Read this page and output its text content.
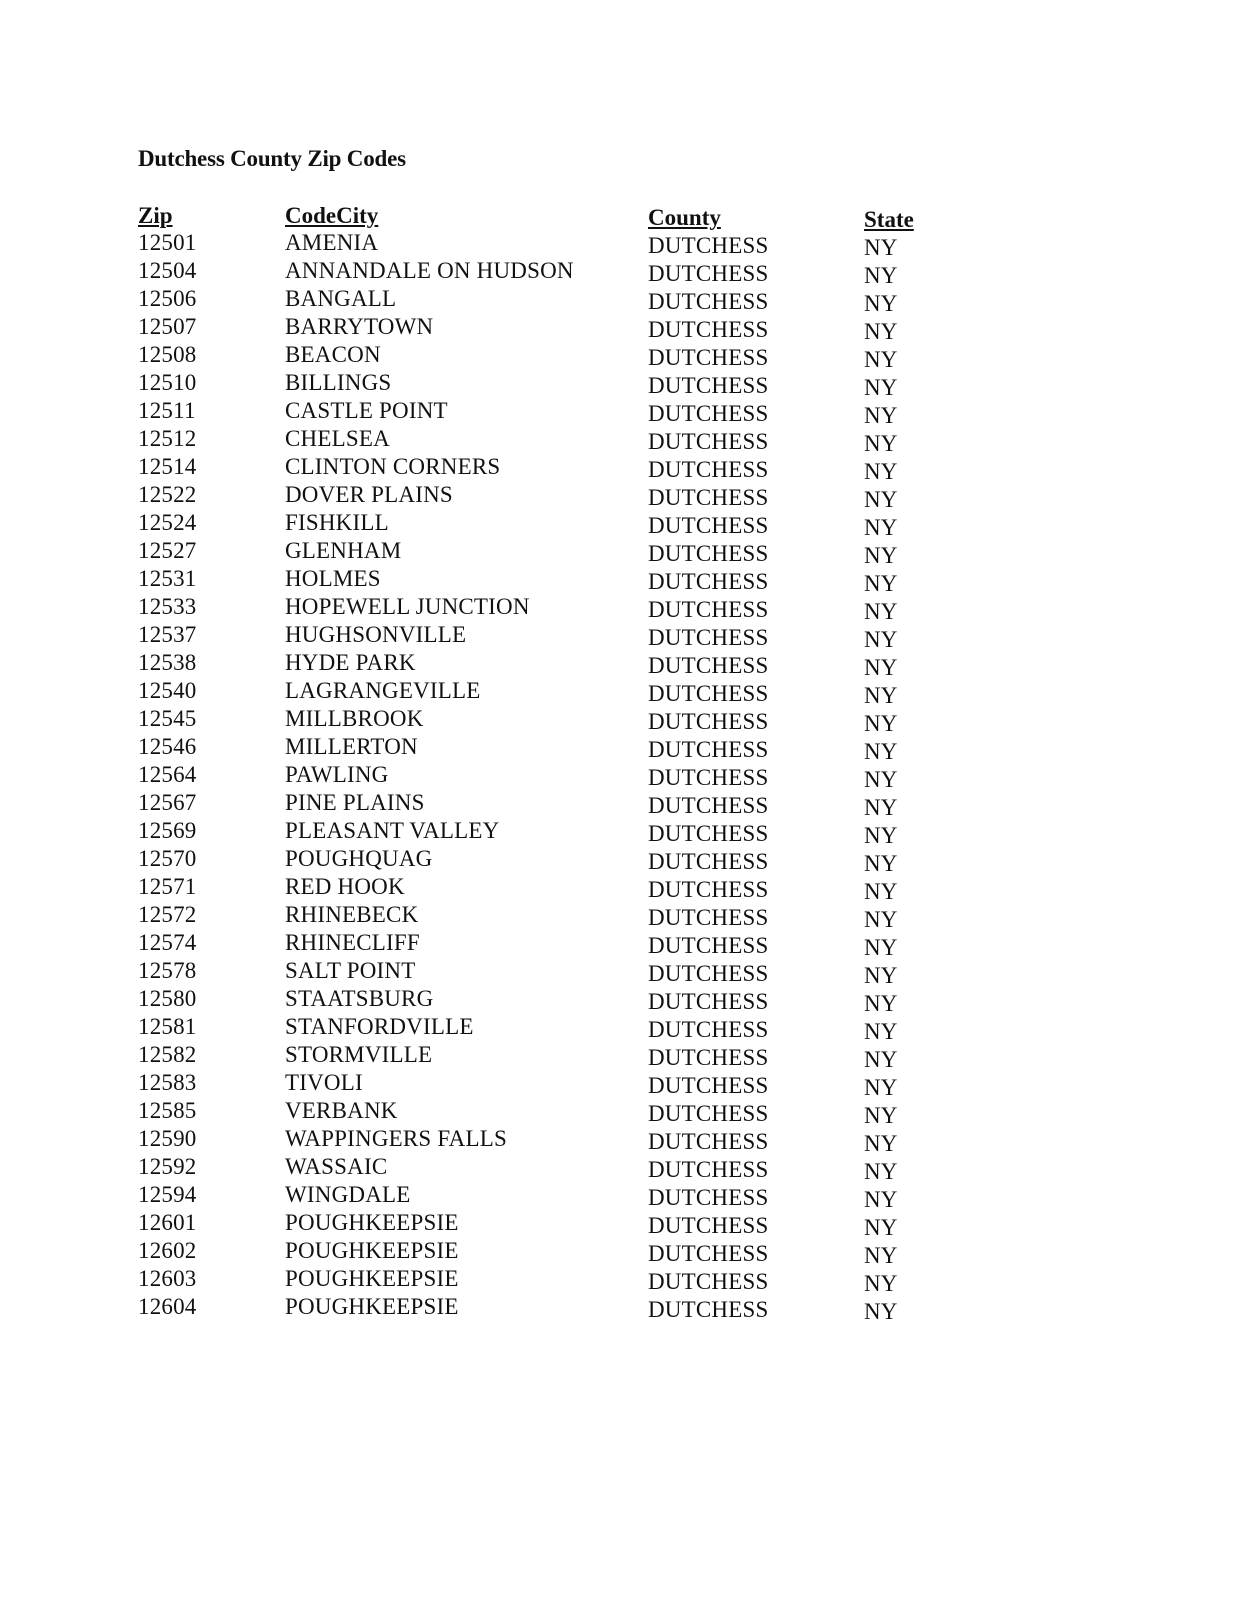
Dutchess County Zip Codes
Zip	CodeCity	County	State
12501	AMENIA	DUTCHESS	NY
12504	ANNANDALE ON HUDSON	DUTCHESS	NY
12506	BANGALL	DUTCHESS	NY
12507	BARRYTOWN	DUTCHESS	NY
12508	BEACON	DUTCHESS	NY
12510	BILLINGS	DUTCHESS	NY
12511	CASTLE POINT	DUTCHESS	NY
12512	CHELSEA	DUTCHESS	NY
12514	CLINTON CORNERS	DUTCHESS	NY
12522	DOVER PLAINS	DUTCHESS	NY
12524	FISHKILL	DUTCHESS	NY
12527	GLENHAM	DUTCHESS	NY
12531	HOLMES	DUTCHESS	NY
12533	HOPEWELL JUNCTION	DUTCHESS	NY
12537	HUGHSONVILLE	DUTCHESS	NY
12538	HYDE PARK	DUTCHESS	NY
12540	LAGRANGEVILLE	DUTCHESS	NY
12545	MILLBROOK	DUTCHESS	NY
12546	MILLERTON	DUTCHESS	NY
12564	PAWLING	DUTCHESS	NY
12567	PINE PLAINS	DUTCHESS	NY
12569	PLEASANT VALLEY	DUTCHESS	NY
12570	POUGHQUAG	DUTCHESS	NY
12571	RED HOOK	DUTCHESS	NY
12572	RHINEBECK	DUTCHESS	NY
12574	RHINECLIFF	DUTCHESS	NY
12578	SALT POINT	DUTCHESS	NY
12580	STAATSBURG	DUTCHESS	NY
12581	STANFORDVILLE	DUTCHESS	NY
12582	STORMVILLE	DUTCHESS	NY
12583	TIVOLI	DUTCHESS	NY
12585	VERBANK	DUTCHESS	NY
12590	WAPPINGERS FALLS	DUTCHESS	NY
12592	WASSAIC	DUTCHESS	NY
12594	WINGDALE	DUTCHESS	NY
12601	POUGHKEEPSIE	DUTCHESS	NY
12602	POUGHKEEPSIE	DUTCHESS	NY
12603	POUGHKEEPSIE	DUTCHESS	NY
12604	POUGHKEEPSIE	DUTCHESS	NY
